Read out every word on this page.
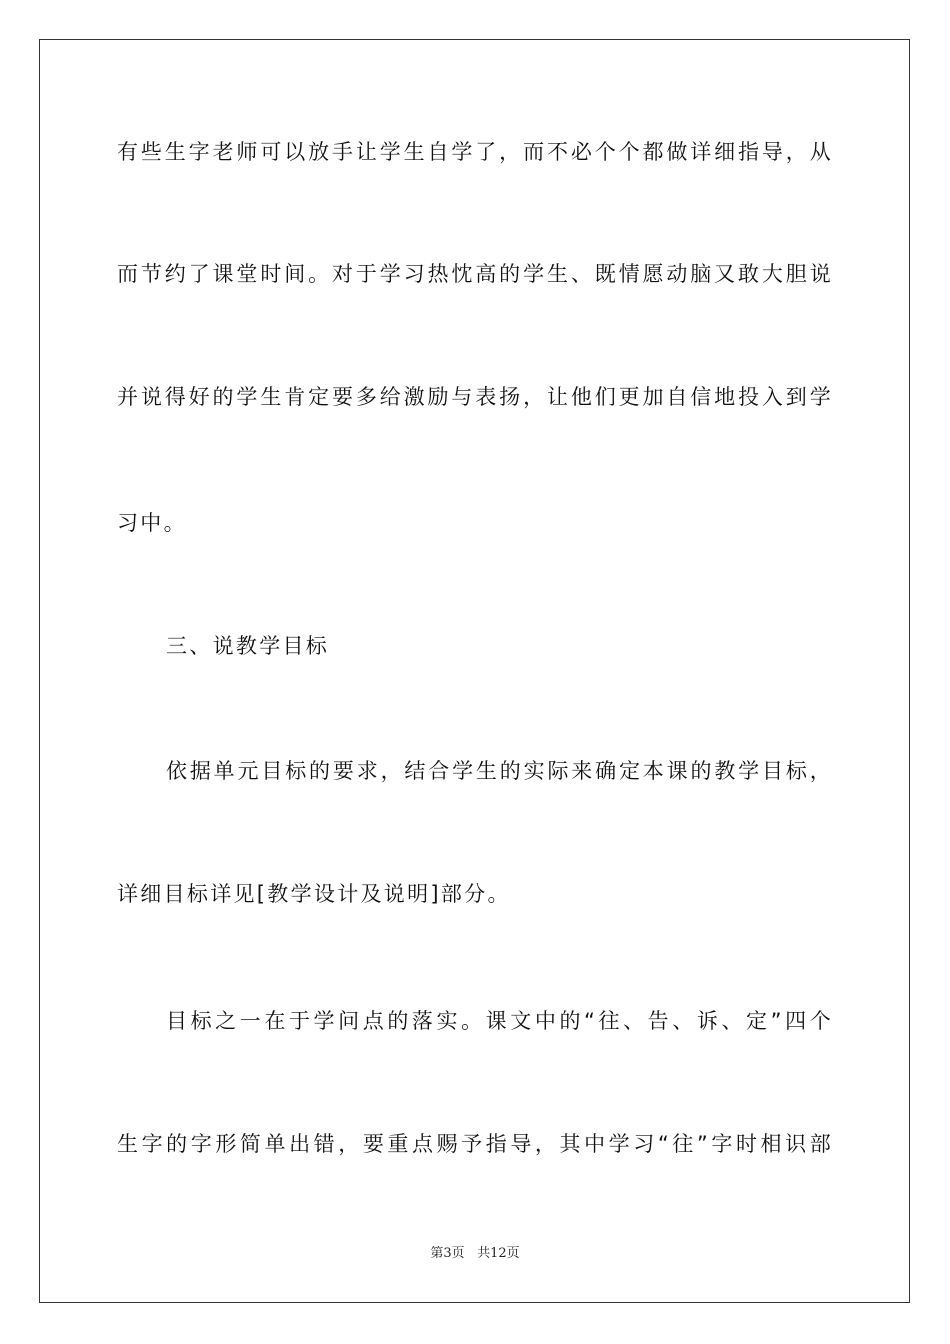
有些生字老师可以放手让学生自学了，而不必个个都做详细指导，从
而节约了课堂时间。对于学习热忱高的学生、既情愿动脑又敢大胆说
并说得好的学生肯定要多给激励与表扬，让他们更加自信地投入到学
习中。
三、说教学目标
依据单元目标的要求，结合学生的实际来确定本课的教学目标，
详细目标详见[教学设计及说明]部分。
目标之一在于学问点的落实。课文中的“往、告、诉、定”四个
生字的字形简单出错，要重点赐予指导，其中学习“往”字时相识部
第3页 共12页
